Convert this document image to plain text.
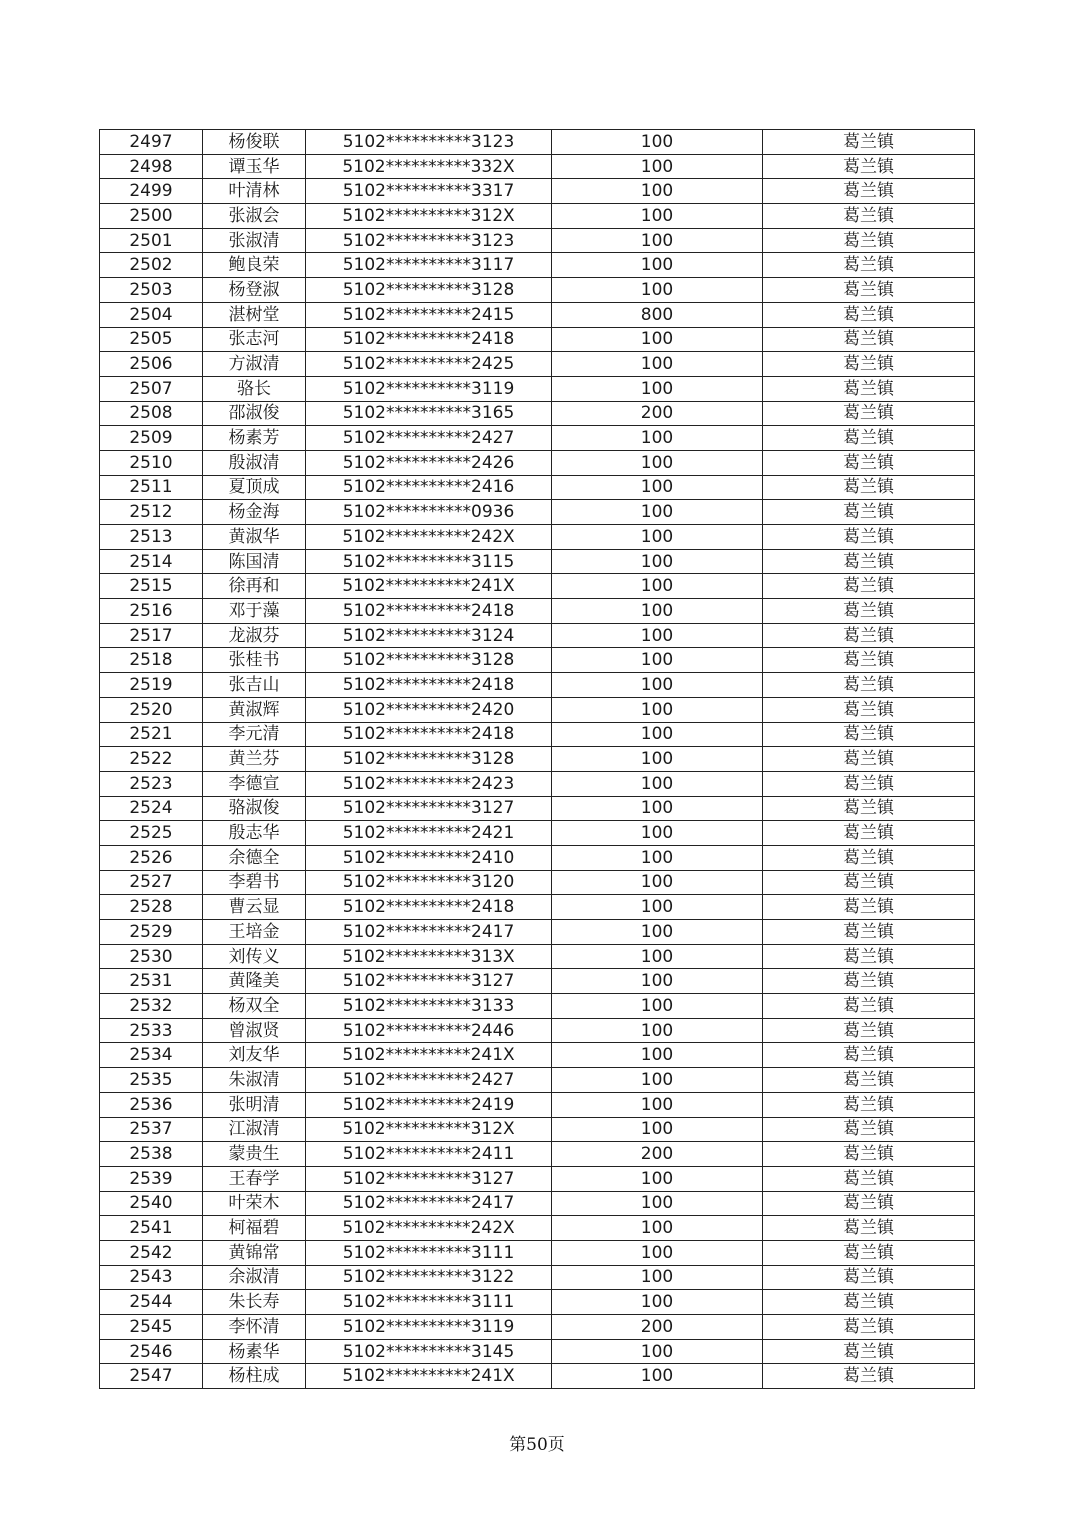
2497	杨俊联	5102**********3123	100	葛兰镇
2498	谭玉华	5102**********332X	100	葛兰镇
2499	叶清林	5102**********3317	100	葛兰镇
2500	张淑会	5102**********312X	100	葛兰镇
2501	张淑清	5102**********3123	100	葛兰镇
2502	鲍良荣	5102**********3117	100	葛兰镇
2503	杨登淑	5102**********3128	100	葛兰镇
2504	湛树堂	5102**********2415	800	葛兰镇
2505	张志河	5102**********2418	100	葛兰镇
2506	方淑清	5102**********2425	100	葛兰镇
2507	骆长	5102**********3119	100	葛兰镇
2508	邵淑俊	5102**********3165	200	葛兰镇
2509	杨素芳	5102**********2427	100	葛兰镇
2510	殷淑清	5102**********2426	100	葛兰镇
2511	夏顶成	5102**********2416	100	葛兰镇
2512	杨金海	5102**********0936	100	葛兰镇
2513	黄淑华	5102**********242X	100	葛兰镇
2514	陈国清	5102**********3115	100	葛兰镇
2515	徐再和	5102**********241X	100	葛兰镇
2516	邓于藻	5102**********2418	100	葛兰镇
2517	龙淑芬	5102**********3124	100	葛兰镇
2518	张桂书	5102**********3128	100	葛兰镇
2519	张吉山	5102**********2418	100	葛兰镇
2520	黄淑辉	5102**********2420	100	葛兰镇
2521	李元清	5102**********2418	100	葛兰镇
2522	黄兰芬	5102**********3128	100	葛兰镇
2523	李德宣	5102**********2423	100	葛兰镇
2524	骆淑俊	5102**********3127	100	葛兰镇
2525	殷志华	5102**********2421	100	葛兰镇
2526	余德全	5102**********2410	100	葛兰镇
2527	李碧书	5102**********3120	100	葛兰镇
2528	曹云显	5102**********2418	100	葛兰镇
2529	王培金	5102**********2417	100	葛兰镇
2530	刘传义	5102**********313X	100	葛兰镇
2531	黄隆美	5102**********3127	100	葛兰镇
2532	杨双全	5102**********3133	100	葛兰镇
2533	曾淑贤	5102**********2446	100	葛兰镇
2534	刘友华	5102**********241X	100	葛兰镇
2535	朱淑清	5102**********2427	100	葛兰镇
2536	张明清	5102**********2419	100	葛兰镇
2537	江淑清	5102**********312X	100	葛兰镇
2538	蒙贵生	5102**********2411	200	葛兰镇
2539	王春学	5102**********3127	100	葛兰镇
2540	叶荣木	5102**********2417	100	葛兰镇
2541	柯福碧	5102**********242X	100	葛兰镇
2542	黄锦常	5102**********3111	100	葛兰镇
2543	余淑清	5102**********3122	100	葛兰镇
2544	朱长寿	5102**********3111	100	葛兰镇
2545	李怀清	5102**********3119	200	葛兰镇
2546	杨素华	5102**********3145	100	葛兰镇
2547	杨柱成	5102**********241X	100	葛兰镇
第50页
